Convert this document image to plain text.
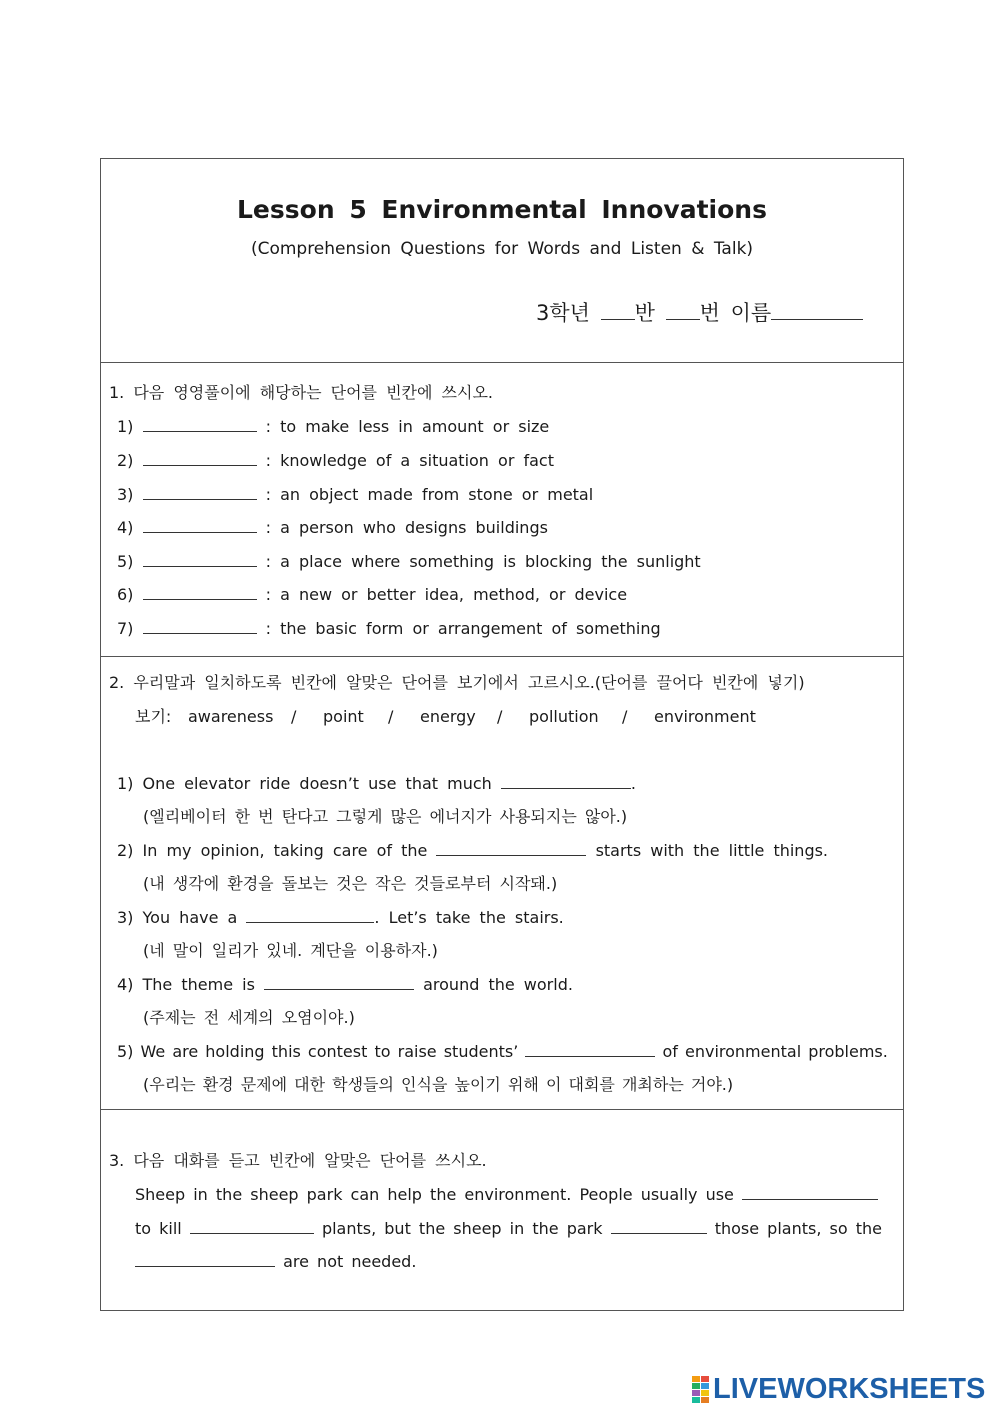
Lesson 5 Environmental Innovations
(Comprehension Questions for Words and Listen & Talk)
3학년 반 번 이름
1. 다음 영영풀이에 해당하는 단어를 빈칸에 쓰시오.
1)	: to make less in amount or size
2)	: knowledge of a situation or fact
3)	: an object made from stone or metal
4)	: a person who designs buildings
5)	: a place where something is blocking the sunlight
6)	: a new or better idea, method, or device
7)	: the basic form or arrangement of something
2. 우리말과 일치하도록 빈칸에 알맞은 단어를 보기에서 고르시오.(단어를 끌어다 빈칸에 넣기)
보기: awareness / point / energy / pollution / environment
1) One elevator ride doesn’t use that much	.
(엘리베이터 한 번 탄다고 그렇게 많은 에너지가 사용되지는 않아.)
2) In my opinion, taking care of the	starts with the little things.
(내 생각에 환경을 돌보는 것은 작은 것들로부터 시작돼.)
3) You have a	. Let’s take the stairs.
(네 말이 일리가 있네. 계단을 이용하자.)
4) The theme is	around the world.
(주제는 전 세계의 오염이야.)
5) We are holding this contest to raise students’	of environmental problems.
(우리는 환경 문제에 대한 학생들의 인식을 높이기 위해 이 대회를 개최하는 거야.)
3. 다음 대화를 듣고 빈칸에 알맞은 단어를 쓰시오.
Sheep in the sheep park can help the environment. People usually use
to kill	plants, but the sheep in the park	those plants, so the
are not needed.
LIVEWORKSHEETS
